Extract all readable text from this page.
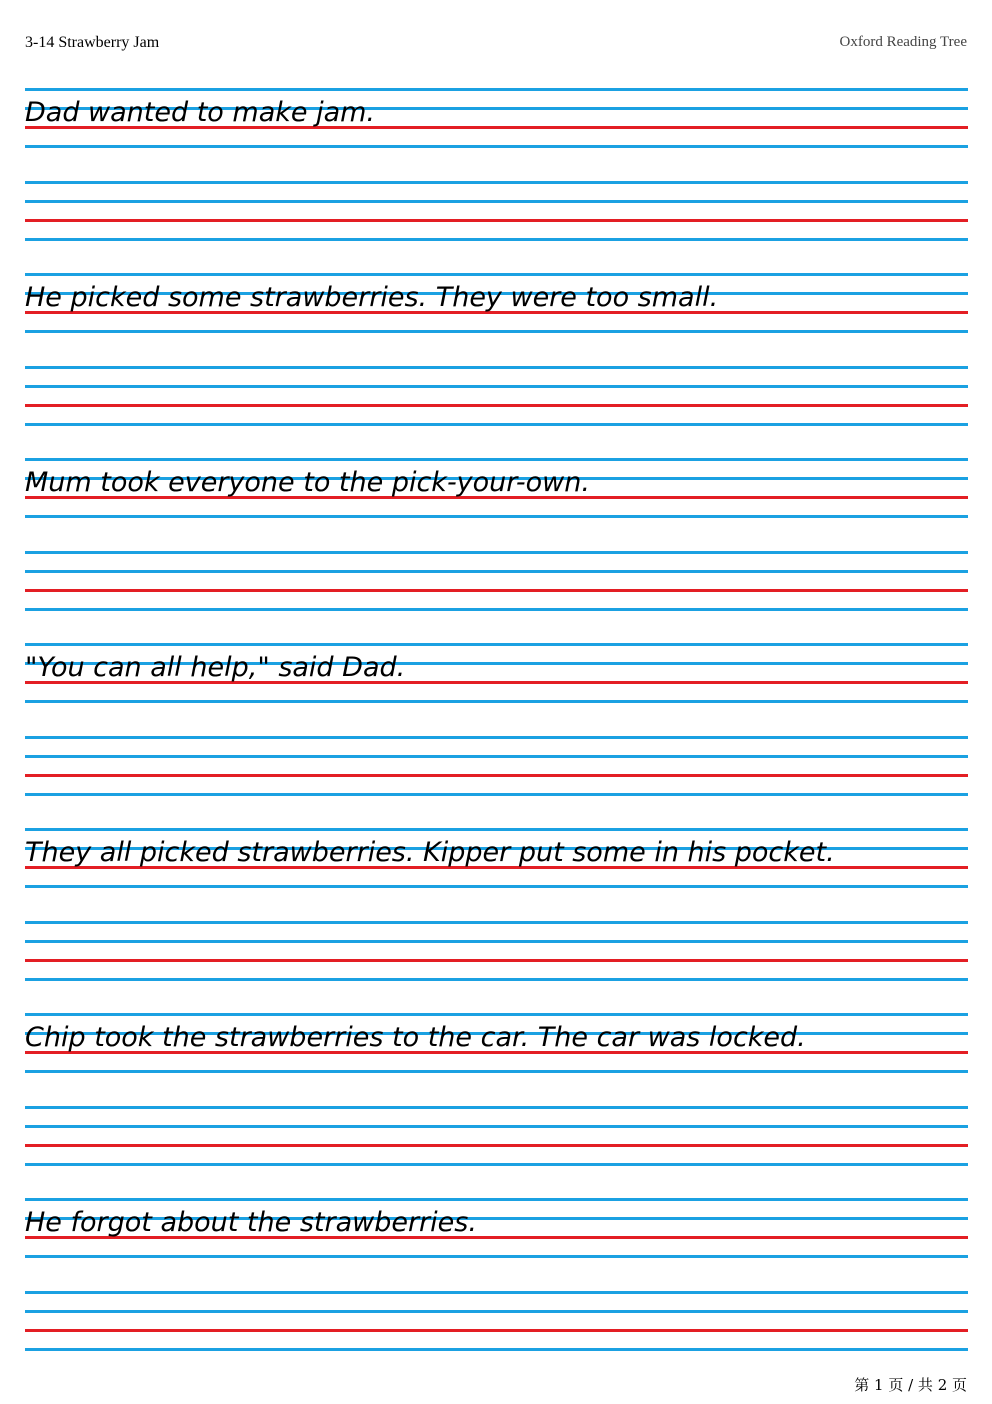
3-14 Strawberry Jam	Oxford Reading Tree
Dad wanted to make jam.
He picked some strawberries. They were too small.
Mum took everyone to the pick-your-own.
"You can all help," said Dad.
They all picked strawberries. Kipper put some in his pocket.
Chip took the strawberries to the car. The car was locked.
He forgot about the strawberries.
第 1 页 / 共 2 页
